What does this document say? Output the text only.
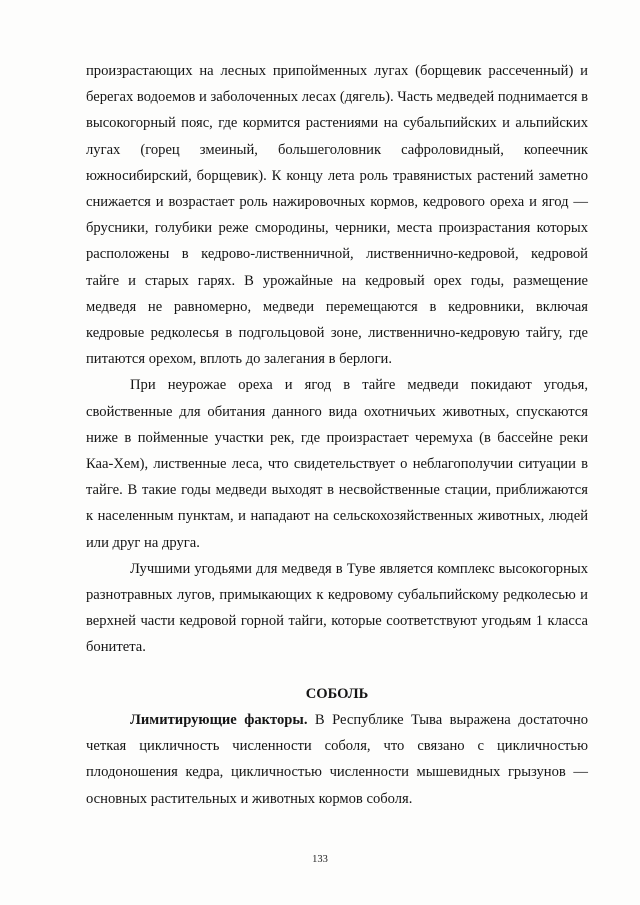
произрастающих на лесных припойменных лугах (борщевик рассеченный) и берегах водоемов и заболоченных лесах (дягель). Часть медведей поднимается в высокогорный пояс, где кормится растениями на субальпийских и альпийских лугах (горец змеиный, большеголовник сафроловидный, копеечник южносибирский, борщевик). К концу лета роль травянистых растений заметно снижается и возрастает роль нажировочных кормов, кедрового ореха и ягод — брусники, голубики реже смородины, черники, места произрастания которых расположены в кедрово-лиственничной, лиственнично-кедровой, кедровой тайге и старых гарях. В урожайные на кедровый орех годы, размещение медведя не равномерно, медведи перемещаются в кедровники, включая кедровые редколесья в подгольцовой зоне, лиственнично-кедровую тайгу, где питаются орехом, вплоть до залегания в берлоги.

При неурожае ореха и ягод в тайге медведи покидают угодья, свойственные для обитания данного вида охотничьих животных, спускаются ниже в пойменные участки рек, где произрастает черемуха (в бассейне реки Каа-Хем), лиственные леса, что свидетельствует о неблагополучии ситуации в тайге. В такие годы медведи выходят в несвойственные стации, приближаются к населенным пунктам, и нападают на сельскохозяйственных животных, людей или друг на друга.

Лучшими угодьями для медведя в Туве является комплекс высокогорных разнотравных лугов, примыкающих к кедровому субальпийскому редколесью и верхней части кедровой горной тайги, которые соответствуют угодьям 1 класса бонитета.

СОБОЛЬ

Лимитирующие факторы. В Республике Тыва выражена достаточно четкая цикличность численности соболя, что связано с цикличностью плодоношения кедра, цикличностью численности мышевидных грызунов — основных растительных и животных кормов соболя.

133
